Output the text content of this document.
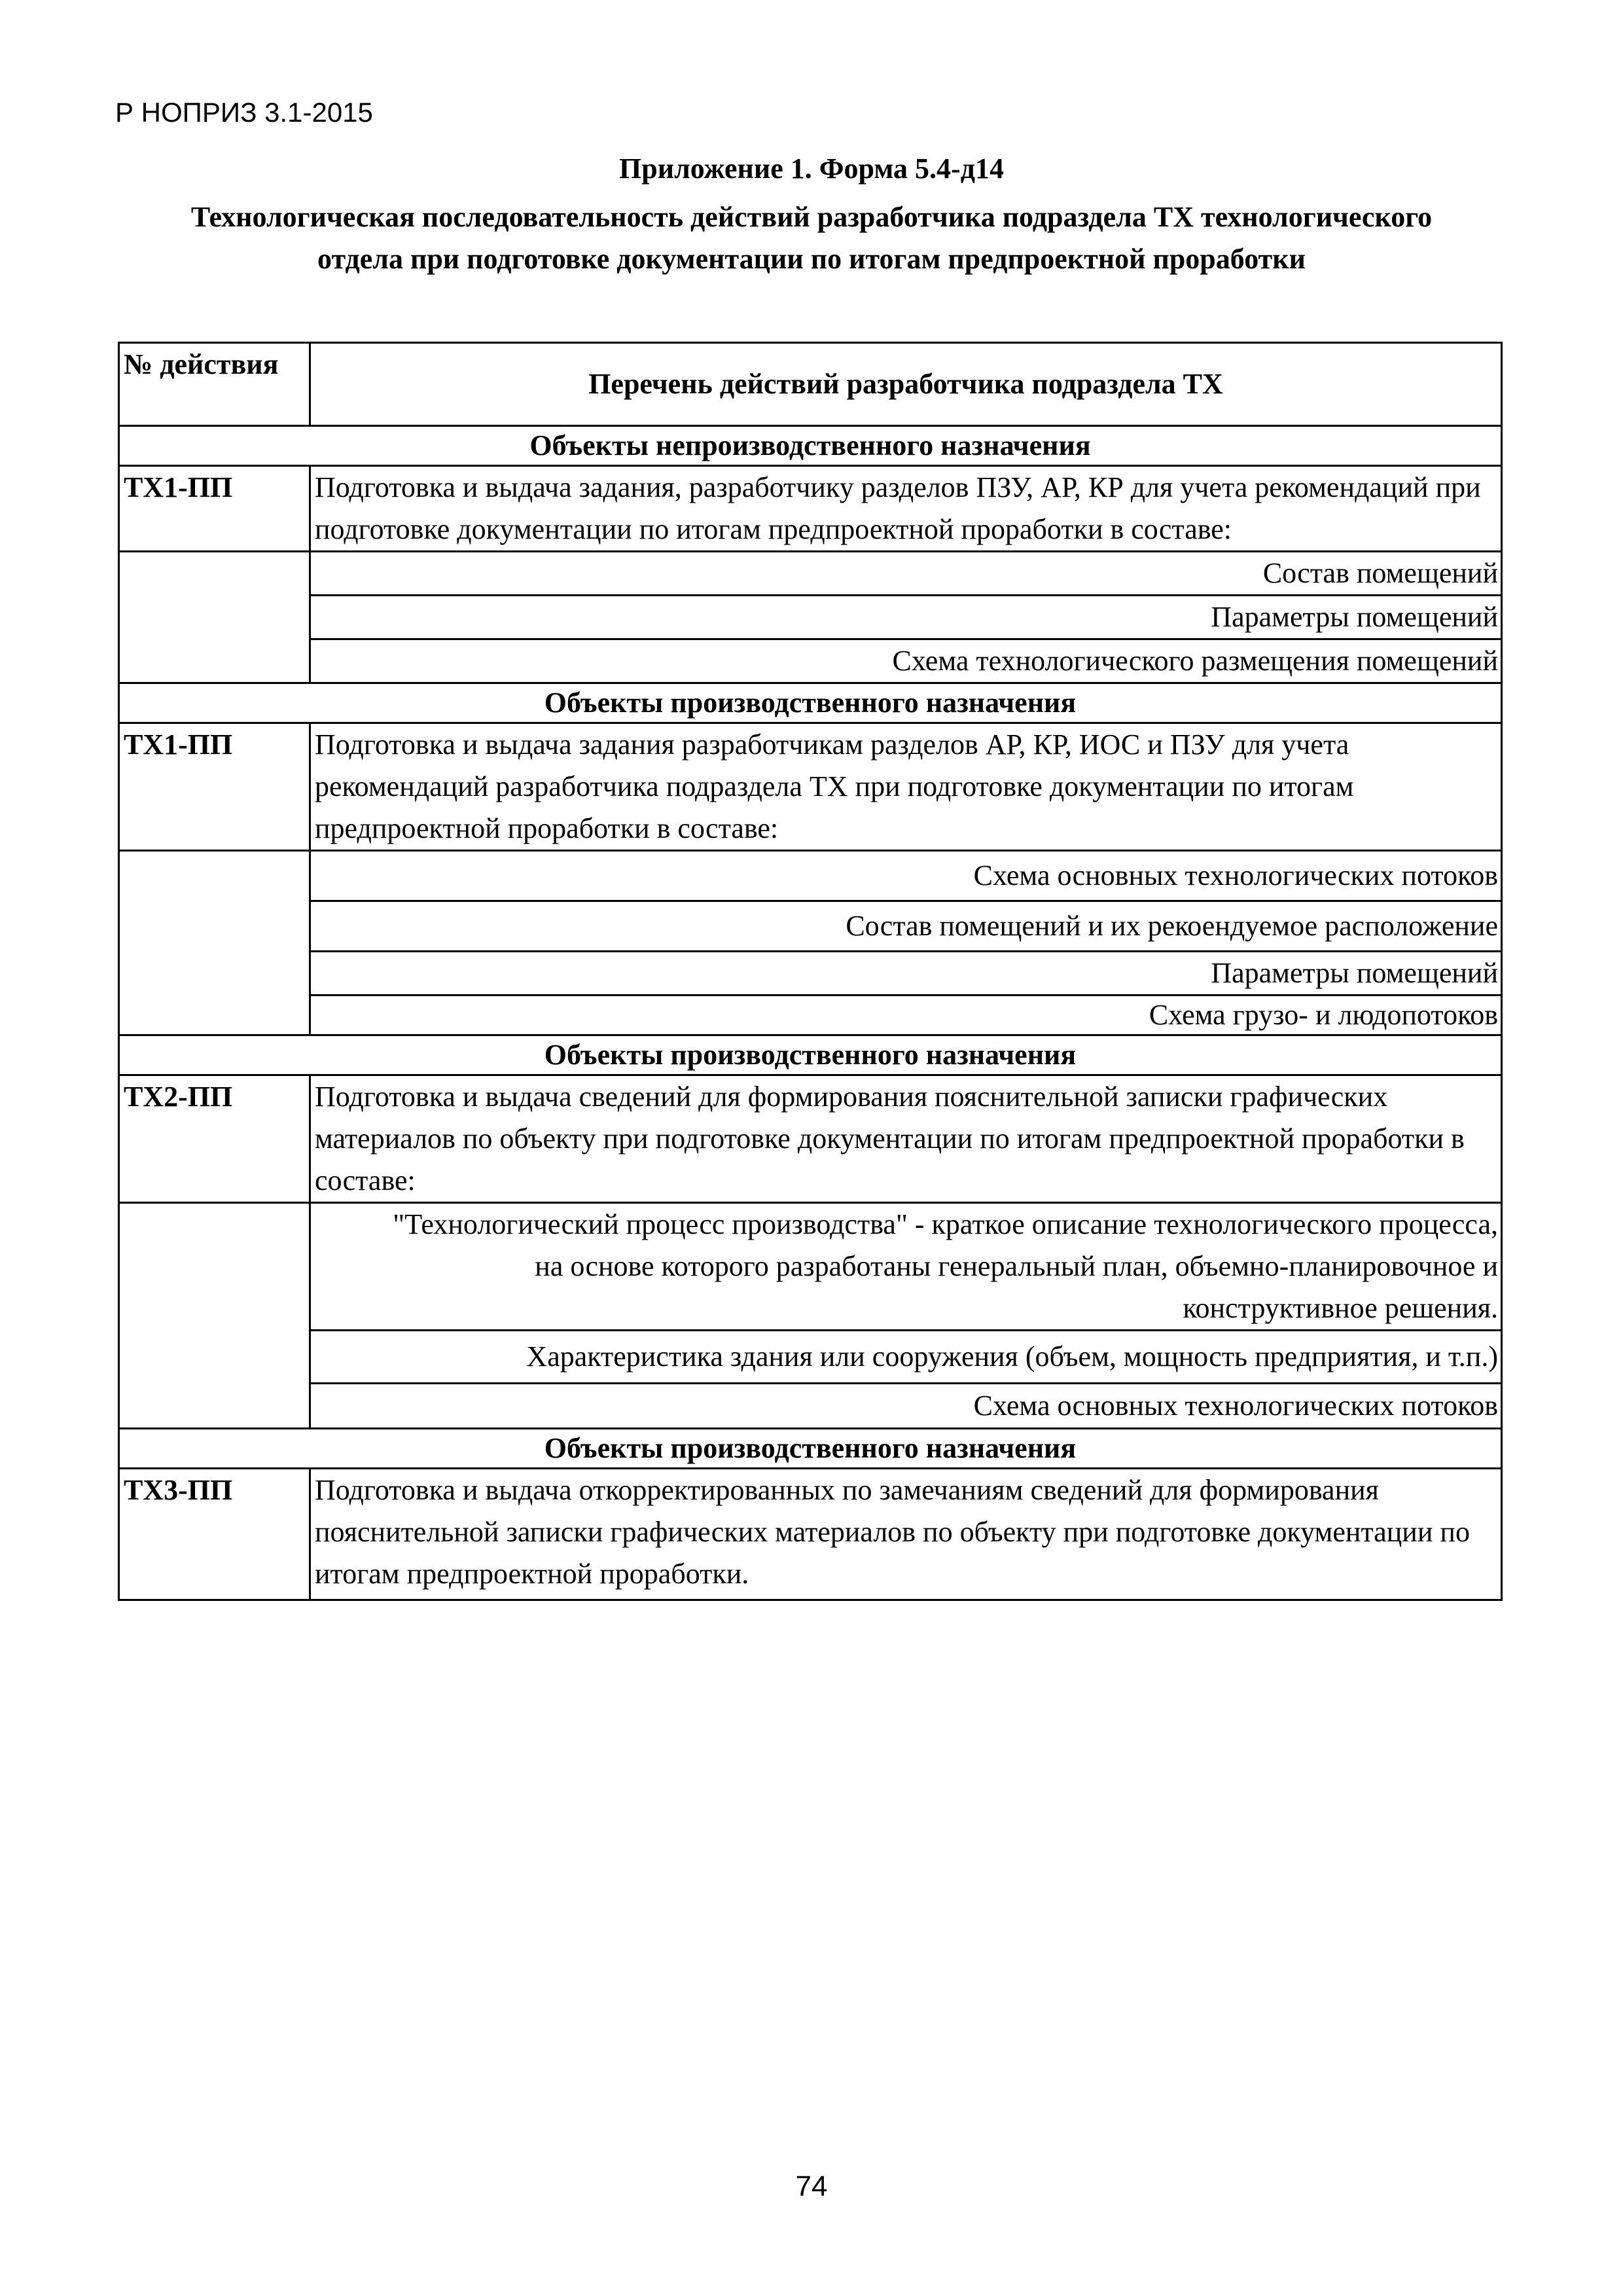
Р НОПРИЗ 3.1-2015

Приложение 1. Форма 5.4-д14

Технологическая последовательность действий разработчика подраздела ТХ технологического отдела при подготовке документации по итогам предпроектной проработки

№ действия	Перечень действий разработчика подраздела ТХ
Объекты непроизводственного назначения	
ТХ1-ПП	Подготовка и выдача задания, разработчику разделов ПЗУ, АР, КР для учета рекомендаций при подготовке документации по итогам предпроектной проработки в составе:
	Состав помещений
	Параметры помещений
	Схема технологического размещения помещений
Объекты производственного назначения	
ТХ1-ПП	Подготовка и выдача задания разработчикам разделов АР, КР, ИОС и ПЗУ для учета рекомендаций разработчика подраздела ТХ при подготовке документации по итогам предпроектной проработки в составе:
	Схема основных технологических потоков
	Состав помещений и их рекоендуемое расположение
	Параметры помещений
	Схема грузо- и людопотоков
Объекты производственного назначения	
ТХ2-ПП	Подготовка и выдача сведений для формирования пояснительной записки графических материалов по объекту при подготовке документации по итогам предпроектной проработки в составе:
	"Технологический процесс производства" - краткое описание технологического процесса, на основе которого разработаны генеральный план, объемно-планировочное и конструктивное решения.
	Характеристика здания или сооружения (объем, мощность предприятия, и т.п.)
	Схема основных технологических потоков
Объекты производственного назначения	
ТХ3-ПП	Подготовка и выдача откорректированных по замечаниям сведений для формирования пояснительной записки графических материалов по объекту при подготовке документации по итогам предпроектной проработки.

74
